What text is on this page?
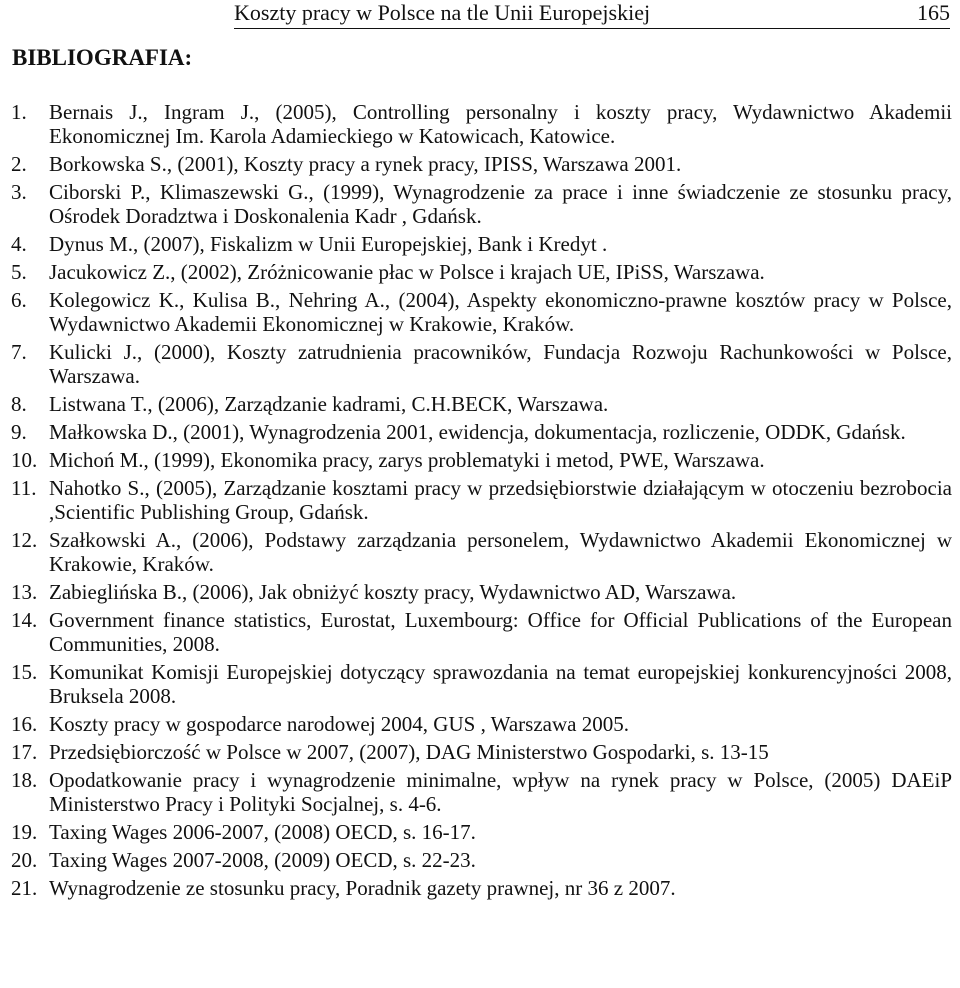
Koszty pracy w Polsce na tle Unii Europejskiej	165
BIBLIOGRAFIA:
1. Bernais J., Ingram J., (2005), Controlling personalny i koszty pracy, Wydawnictwo Akademii Ekonomicznej Im. Karola Adamieckiego w Katowicach, Katowice.
2. Borkowska S., (2001), Koszty pracy a rynek pracy, IPISS, Warszawa 2001.
3. Ciborski P., Klimaszewski G., (1999), Wynagrodzenie za prace i inne świadczenie ze stosunku pracy, Ośrodek Doradztwa i Doskonalenia Kadr , Gdańsk.
4. Dynus M., (2007), Fiskalizm w Unii Europejskiej, Bank i Kredyt .
5. Jacukowicz Z., (2002), Zróżnicowanie płac w Polsce i krajach UE, IPiSS, Warszawa.
6. Kolegowicz K., Kulisa B., Nehring A., (2004), Aspekty ekonomiczno-prawne kosztów pracy w Polsce, Wydawnictwo Akademii Ekonomicznej w Krakowie, Kraków.
7. Kulicki J., (2000), Koszty zatrudnienia pracowników, Fundacja Rozwoju Rachunkowości w Polsce, Warszawa.
8. Listwana T., (2006), Zarządzanie kadrami, C.H.BECK, Warszawa.
9. Małkowska D., (2001), Wynagrodzenia 2001, ewidencja, dokumentacja, rozliczenie, ODDK, Gdańsk.
10. Michoń M., (1999), Ekonomika pracy, zarys problematyki i metod, PWE, Warszawa.
11. Nahotko S., (2005), Zarządzanie kosztami pracy w przedsiębiorstwie działającym w otoczeniu bezrobocia ,Scientific Publishing Group, Gdańsk.
12. Szałkowski A., (2006), Podstawy zarządzania personelem, Wydawnictwo Akademii Ekonomicznej w Krakowie, Kraków.
13. Zabieglińska B., (2006), Jak obniżyć koszty pracy, Wydawnictwo AD, Warszawa.
14. Government finance statistics, Eurostat, Luxembourg: Office for Official Publications of the European Communities, 2008.
15. Komunikat Komisji Europejskiej dotyczący sprawozdania na temat europejskiej konkurencyjności 2008, Bruksela 2008.
16. Koszty pracy w gospodarce narodowej 2004, GUS , Warszawa 2005.
17. Przedsiębiorczość w Polsce w 2007, (2007), DAG Ministerstwo Gospodarki, s. 13-15
18. Opodatkowanie pracy i wynagrodzenie minimalne, wpływ na rynek pracy w Polsce, (2005) DAEiP Ministerstwo Pracy i Polityki Socjalnej, s. 4-6.
19. Taxing Wages 2006-2007, (2008) OECD, s. 16-17.
20. Taxing Wages 2007-2008, (2009) OECD, s. 22-23.
21. Wynagrodzenie ze stosunku pracy, Poradnik gazety prawnej, nr 36 z 2007.
